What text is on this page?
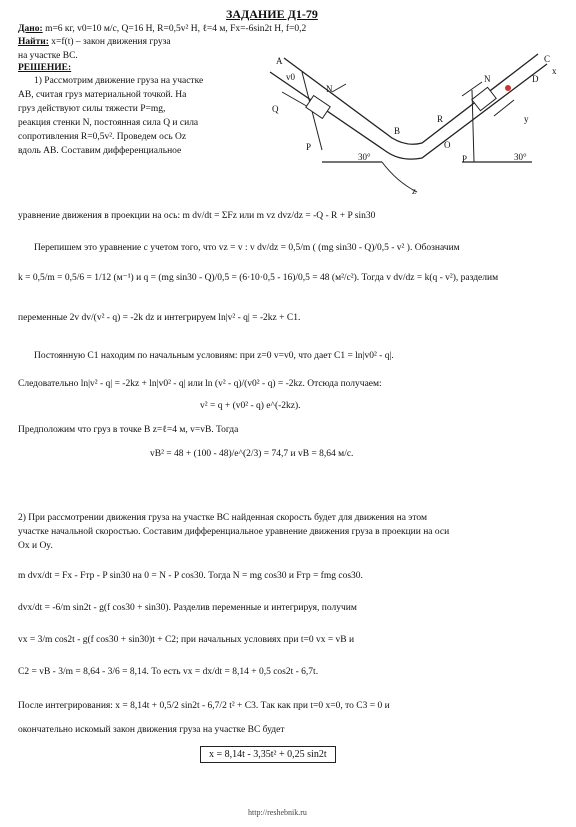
ЗАДАНИЕ Д1-79
Дано: m=6 кг, v0=10 м/с, Q=16 Н, R=0,5v² Н, ℓ=4 м, Fx=-6sin2t Н, f=0,2
Найти: x=f(t) – закон движения груза
на участке BC.
РЕШЕНИЕ:
1) Рассмотрим движение груза на участке
AB, считая груз материальной точкой. На
груз действуют силы тяжести P=mg,
реакция стенки N, постоянная сила Q и сила
сопротивления R=0,5v². Проведем ось Oz
вдоль AB. Составим дифференциальное
уравнение движения в проекции на ось: m dv/dt = ΣFz или m vz dvz/dz = -Q - R + P sin30
A	C
D
B
N
N
Q
R
P
P
v0
30°	30°
O
x
y
z
Перепишем это уравнение с учетом того, что vz = v : v dv/dz = 0,5/m ( (mg sin30 - Q)/0,5 - v² ). Обозначим
k = 0,5/m = 0,5/6 = 1/12 (м⁻¹) и q = (mg sin30 - Q)/0,5 = (6·10·0,5 - 16)/0,5 = 48 (м²/с²). Тогда v dv/dz = k(q - v²), разделим
переменные 2v dv/(v² - q) = -2k dz и интегрируем ln|v² - q| = -2kz + C1.
Постоянную C1 находим по начальным условиям: при z=0 v=v0, что дает C1 = ln|v0² - q|.
Следовательно ln|v² - q| = -2kz + ln|v0² - q| или ln (v² - q)/(v0² - q) = -2kz. Отсюда получаем:
v² = q + (v0² - q) e^(-2kz).
Предположим что груз в точке B z=ℓ=4 м, v=vB. Тогда
vB² = 48 + (100 - 48)/e^(2/3) = 74,7 и vB = 8,64 м/с.
2) При рассмотрении движения груза на участке BC найденная скорость будет для движения на этом
участке начальной скоростью. Составим дифференциальное уравнение движения груза в проекции на оси
Ox и Oy.
m dvx/dt = Fx - Fтр - P sin30 на 0 = N - P cos30. Тогда N = mg cos30 и Fтр = fmg cos30.
dvx/dt = -6/m sin2t - g(f cos30 + sin30). Разделив переменные и интегрируя, получим
vx = 3/m cos2t - g(f cos30 + sin30)t + C2; при начальных условиях при t=0 vx = vB и
C2 = vB - 3/m = 8,64 - 3/6 = 8,14. То есть vx = dx/dt = 8,14 + 0,5 cos2t - 6,7t.
После интегрирования: x = 8,14t + 0,5/2 sin2t - 6,7/2 t² + C3. Так как при t=0 x=0, то C3 = 0 и
окончательно искомый закон движения груза на участке BC будет
x = 8,14t - 3,35t² + 0,25 sin2t
http://reshebnik.ru
